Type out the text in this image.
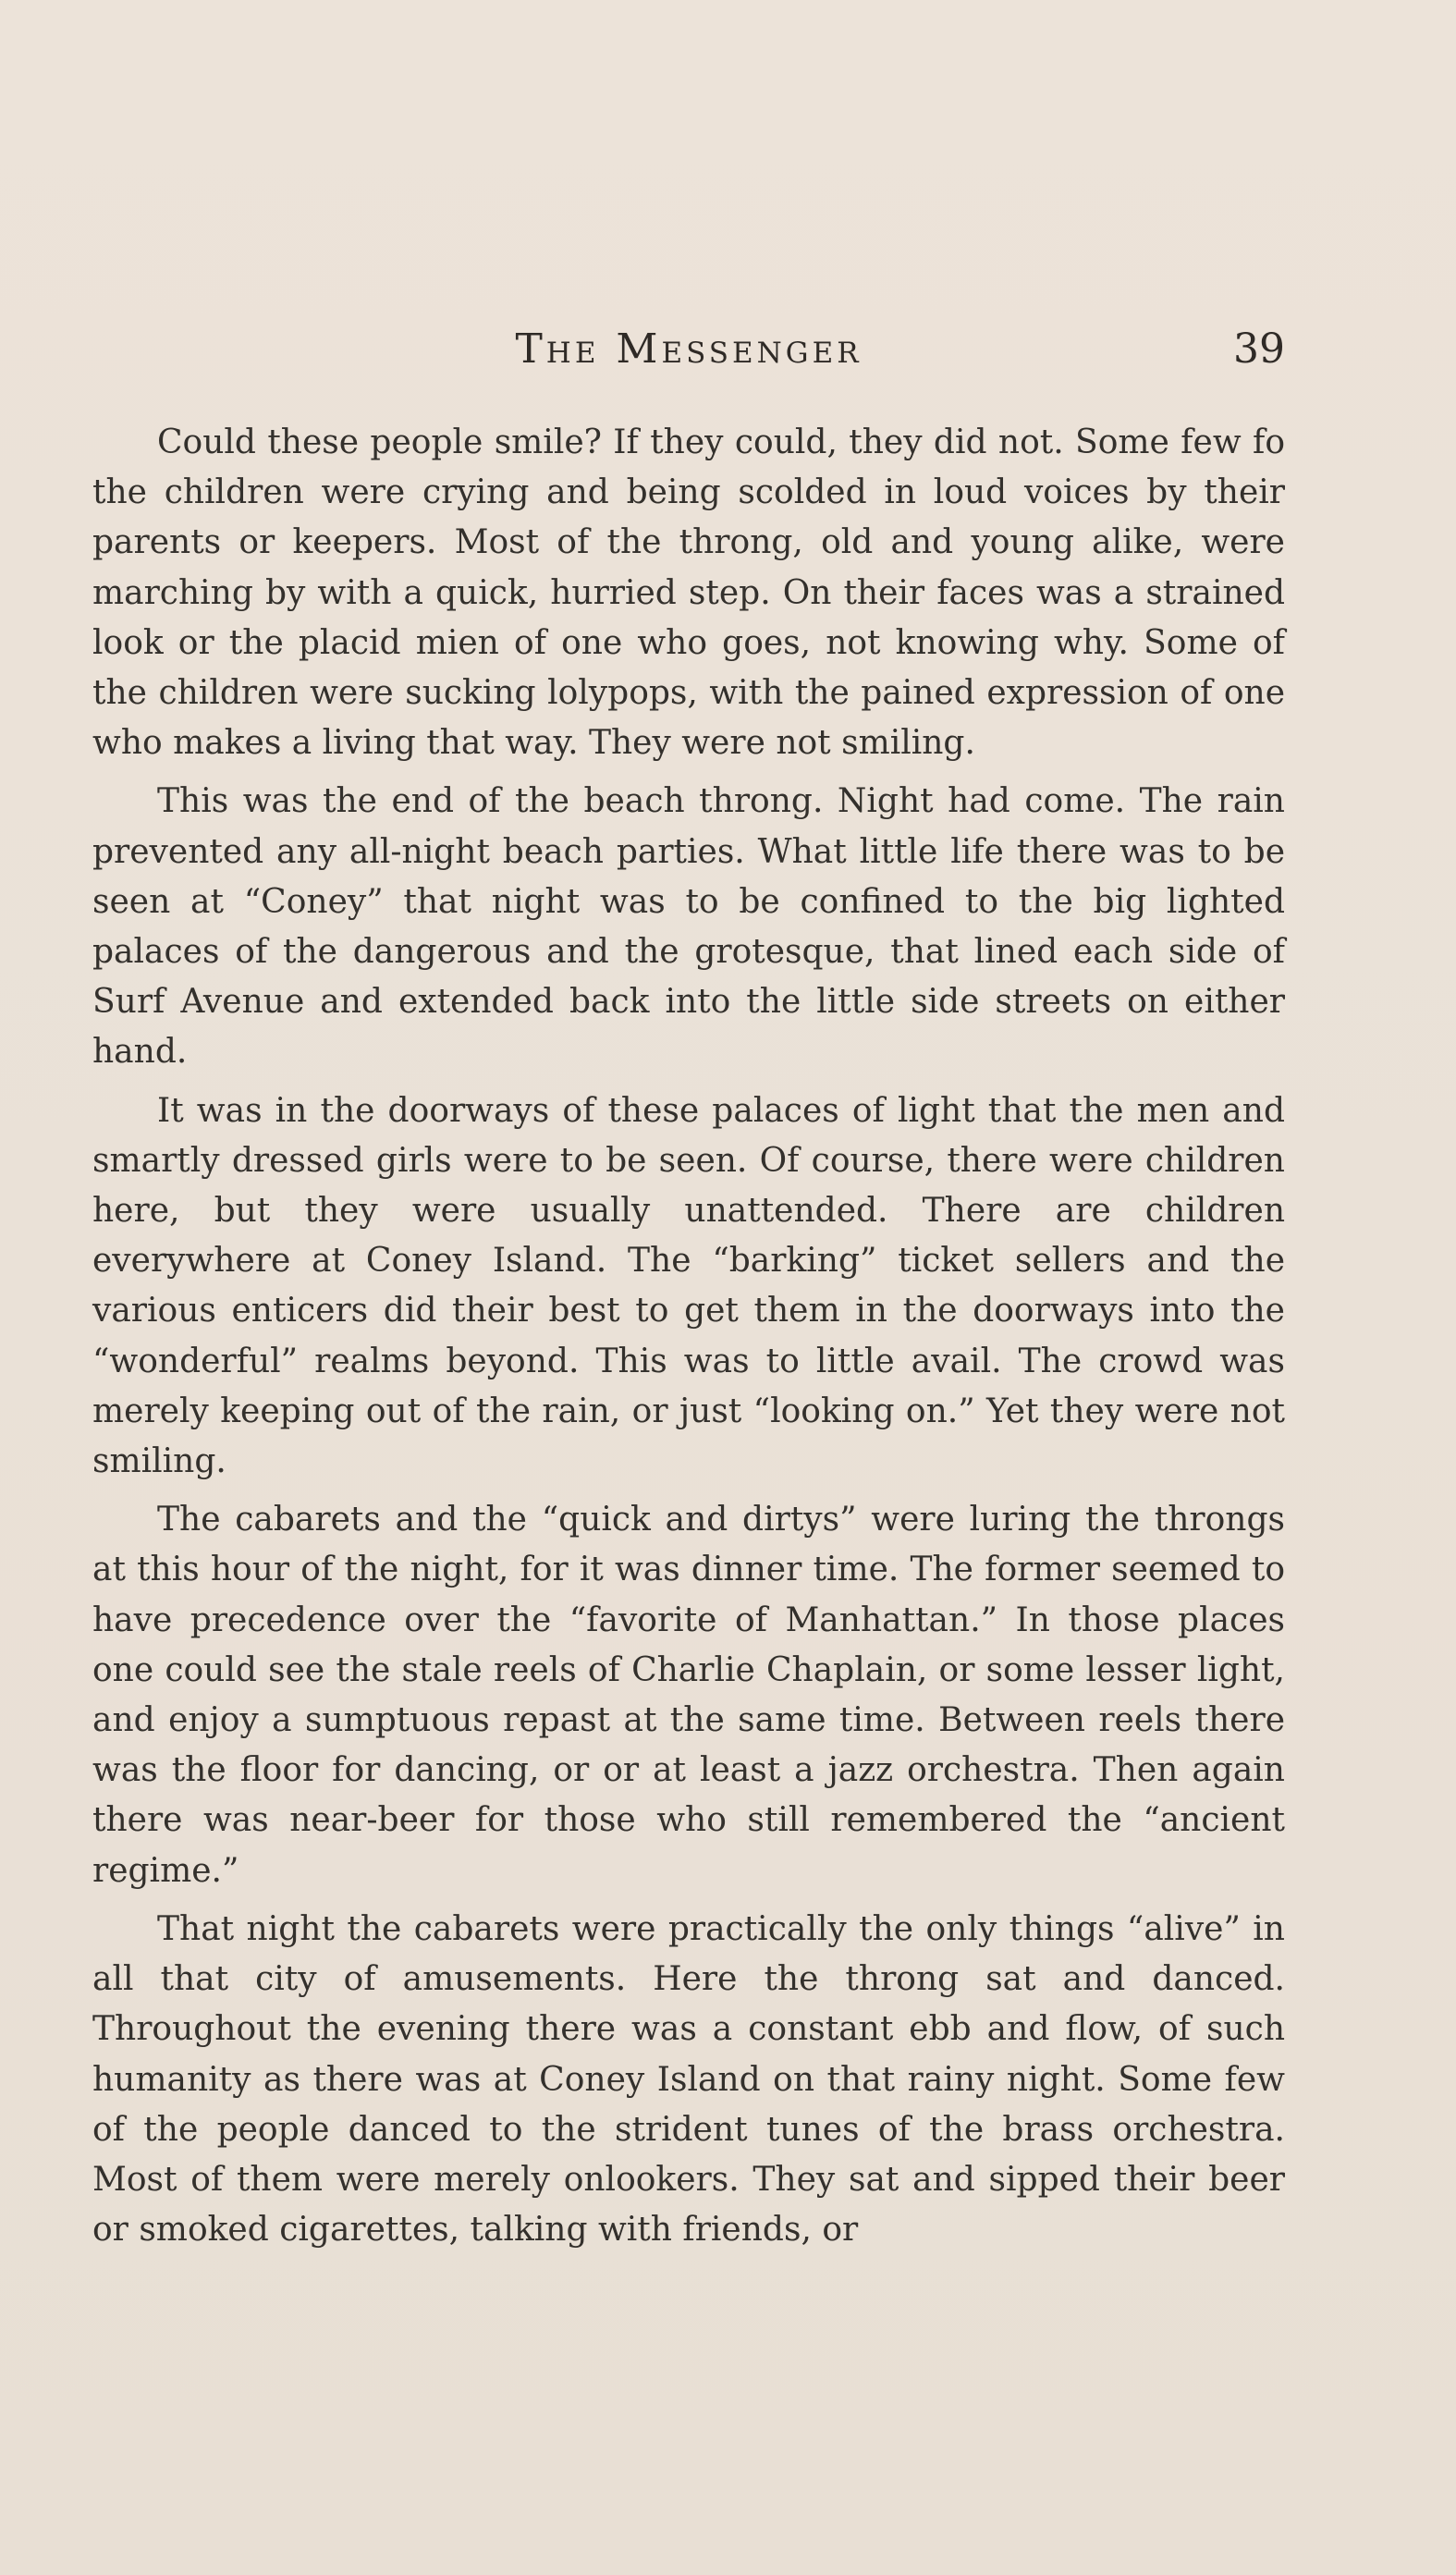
The Messenger	39

Could these people smile? If they could, they did not. Some few fo the children were crying and being scolded in loud voices by their parents or keepers. Most of the throng, old and young alike, were marching by with a quick, hurried step. On their faces was a strained look or the placid mien of one who goes, not knowing why. Some of the children were sucking lolypops, with the pained expression of one who makes a living that way. They were not smiling.

This was the end of the beach throng. Night had come. The rain prevented any all-night beach parties. What little life there was to be seen at “Coney” that night was to be confined to the big lighted palaces of the dangerous and the grotesque, that lined each side of Surf Avenue and extended back into the little side streets on either hand.

It was in the doorways of these palaces of light that the men and smartly dressed girls were to be seen. Of course, there were children here, but they were usually unattended. There are children everywhere at Coney Island. The “barking” ticket sellers and the various enticers did their best to get them in the doorways into the “wonderful” realms beyond. This was to little avail. The crowd was merely keeping out of the rain, or just “looking on.” Yet they were not smiling.

The cabarets and the “quick and dirtys” were luring the throngs at this hour of the night, for it was dinner time. The former seemed to have precedence over the “favorite of Manhattan.” In those places one could see the stale reels of Charlie Chaplain, or some lesser light, and enjoy a sumptuous repast at the same time. Between reels there was the floor for dancing, or or at least a jazz orchestra. Then again there was near-beer for those who still remembered the “ancient regime.”

That night the cabarets were practically the only things “alive” in all that city of amusements. Here the throng sat and danced. Throughout the evening there was a constant ebb and flow, of such humanity as there was at Coney Island on that rainy night. Some few of the people danced to the strident tunes of the brass orchestra. Most of them were merely onlookers. They sat and sipped their beer or smoked cigarettes, talking with friends, or
